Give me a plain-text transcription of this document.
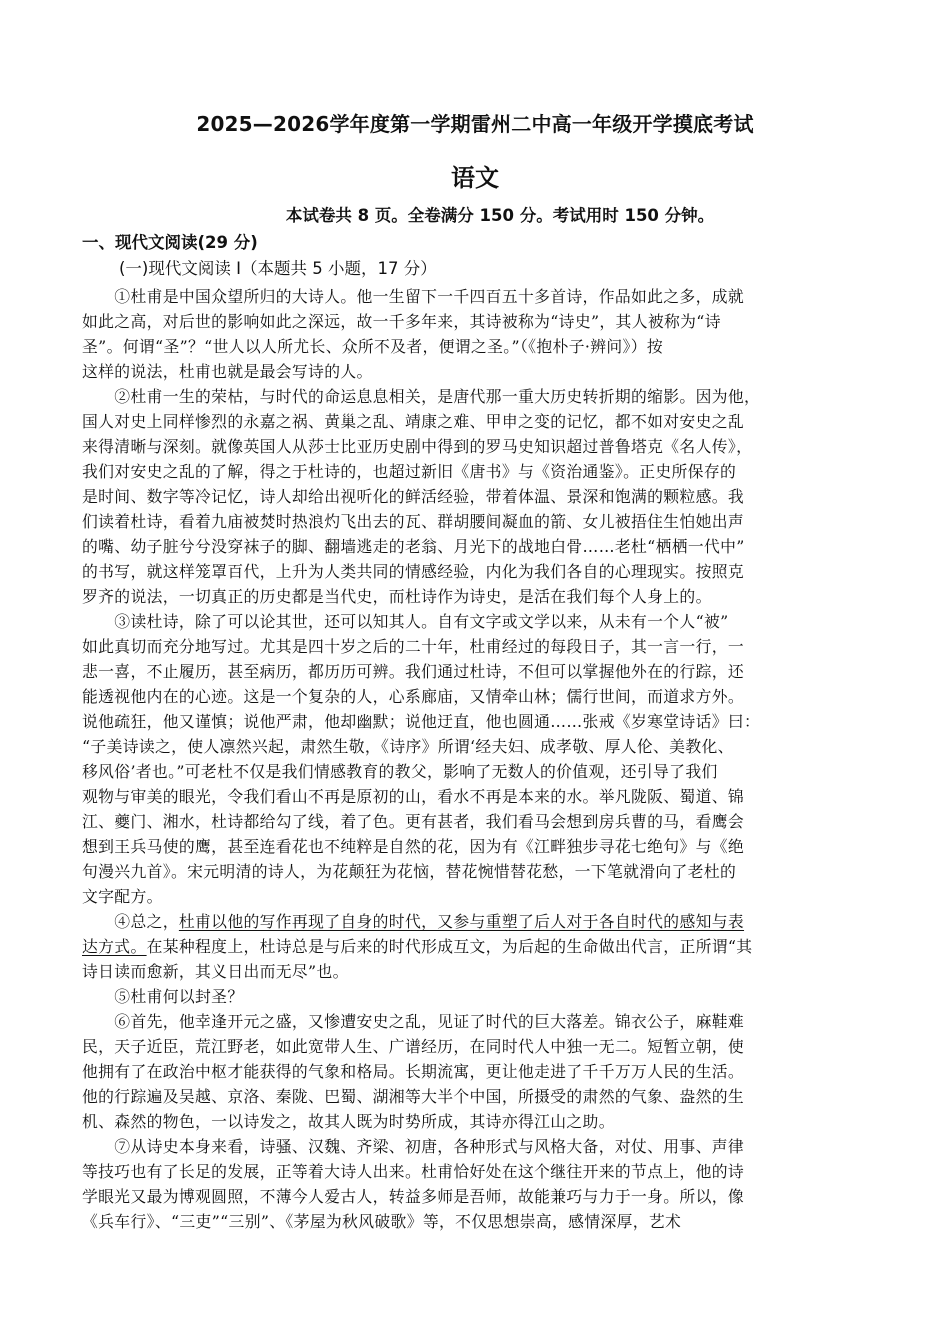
2025—2026学年度第一学期雷州二中高一年级开学摸底考试
语文
本试卷共 8 页。全卷满分 150 分。考试用时 150 分钟。
一、现代文阅读(29 分)
(一)现代文阅读 I（本题共 5 小题，17 分）
　　①杜甫是中国众望所归的大诗人。他一生留下一千四百五十多首诗，作品如此之多，成就
如此之高，对后世的影响如此之深远，故一千多年来，其诗被称为“诗史”，其人被称为“诗
圣”。何谓“圣”？“世人以人所尤长、众所不及者，便谓之圣。”（《抱朴子·辨问》）按
这样的说法，杜甫也就是最会写诗的人。
　　②杜甫一生的荣枯，与时代的命运息息相关，是唐代那一重大历史转折期的缩影。因为他，
国人对史上同样惨烈的永嘉之祸、黄巢之乱、靖康之难、甲申之变的记忆，都不如对安史之乱
来得清晰与深刻。就像英国人从莎士比亚历史剧中得到的罗马史知识超过普鲁塔克《名人传》，
我们对安史之乱的了解，得之于杜诗的，也超过新旧《唐书》与《资治通鉴》。正史所保存的
是时间、数字等冷记忆，诗人却给出视听化的鲜活经验，带着体温、景深和饱满的颗粒感。我
们读着杜诗，看着九庙被焚时热浪灼飞出去的瓦、群胡腰间凝血的箭、女儿被捂住生怕她出声
的嘴、幼子脏兮兮没穿袜子的脚、翻墙逃走的老翁、月光下的战地白骨……老杜“栖栖一代中”
的书写，就这样笼罩百代，上升为人类共同的情感经验，内化为我们各自的心理现实。按照克
罗齐的说法，一切真正的历史都是当代史，而杜诗作为诗史，是活在我们每个人身上的。
　　③读杜诗，除了可以论其世，还可以知其人。自有文字或文学以来，从未有一个人“被”
如此真切而充分地写过。尤其是四十岁之后的二十年，杜甫经过的每段日子，其一言一行，一
悲一喜，不止履历，甚至病历，都历历可辨。我们通过杜诗，不但可以掌握他外在的行踪，还
能透视他内在的心迹。这是一个复杂的人，心系廊庙，又情牵山林；儒行世间，而道求方外。
说他疏狂，他又谨慎；说他严肃，他却幽默；说他迂直，他也圆通……张戒《岁寒堂诗话》曰：
“子美诗读之，使人凛然兴起，肃然生敬，《诗序》所谓‘经夫妇、成孝敬、厚人伦、美教化、
移风俗’者也。”可老杜不仅是我们情感教育的教父，影响了无数人的价值观，还引导了我们
观物与审美的眼光，令我们看山不再是原初的山，看水不再是本来的水。举凡陇阪、蜀道、锦
江、夔门、湘水，杜诗都给勾了线，着了色。更有甚者，我们看马会想到房兵曹的马，看鹰会
想到王兵马使的鹰，甚至连看花也不纯粹是自然的花，因为有《江畔独步寻花七绝句》与《绝
句漫兴九首》。宋元明清的诗人，为花颠狂为花恼，替花惋惜替花愁，一下笔就滑向了老杜的
文字配方。
　　④总之，杜甫以他的写作再现了自身的时代，又参与重塑了后人对于各自时代的感知与表
达方式。在某种程度上，杜诗总是与后来的时代形成互文，为后起的生命做出代言，正所谓“其
诗日读而愈新，其义日出而无尽”也。
　　⑤杜甫何以封圣？
　　⑥首先，他幸逢开元之盛，又惨遭安史之乱，见证了时代的巨大落差。锦衣公子，麻鞋难
民，天子近臣，荒江野老，如此宽带人生、广谱经历，在同时代人中独一无二。短暂立朝，使
他拥有了在政治中枢才能获得的气象和格局。长期流寓，更让他走进了千千万万人民的生活。
他的行踪遍及吴越、京洛、秦陇、巴蜀、湖湘等大半个中国，所摄受的肃然的气象、盎然的生
机、森然的物色，一以诗发之，故其人既为时势所成，其诗亦得江山之助。
　　⑦从诗史本身来看，诗骚、汉魏、齐梁、初唐，各种形式与风格大备，对仗、用事、声律
等技巧也有了长足的发展，正等着大诗人出来。杜甫恰好处在这个继往开来的节点上，他的诗
学眼光又最为博观圆照，不薄今人爱古人，转益多师是吾师，故能兼巧与力于一身。所以，像
《兵车行》、“三吏”“三别”、《茅屋为秋风破歌》等，不仅思想崇高，感情深厚，艺术
